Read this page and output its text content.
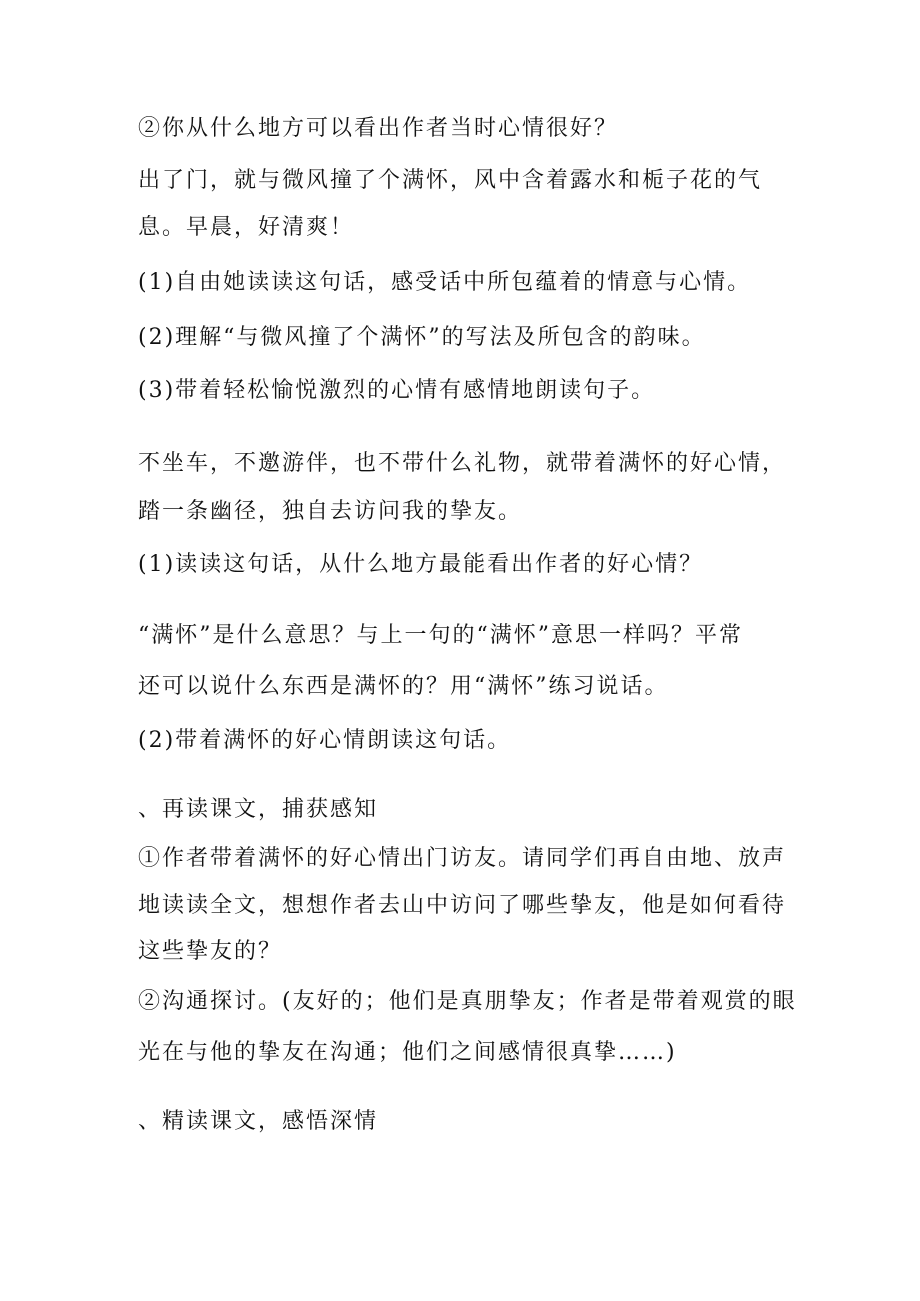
②你从什么地方可以看出作者当时心情很好？
出了门，就与微风撞了个满怀，风中含着露水和栀子花的气
息。早晨，好清爽！
(1)自由她读读这句话，感受话中所包蕴着的情意与心情。
(2)理解“与微风撞了个满怀”的写法及所包含的韵味。
(3)带着轻松愉悦激烈的心情有感情地朗读句子。
不坐车，不邀游伴，也不带什么礼物，就带着满怀的好心情，
踏一条幽径，独自去访问我的挚友。
(1)读读这句话，从什么地方最能看出作者的好心情？
“满怀”是什么意思？与上一句的“满怀”意思一样吗？平常
还可以说什么东西是满怀的？用“满怀”练习说话。
(2)带着满怀的好心情朗读这句话。
、再读课文，捕获感知
①作者带着满怀的好心情出门访友。请同学们再自由地、放声
地读读全文，想想作者去山中访问了哪些挚友，他是如何看待
这些挚友的？
②沟通探讨。(友好的；他们是真朋挚友；作者是带着观赏的眼
光在与他的挚友在沟通；他们之间感情很真挚……)
、精读课文，感悟深情
